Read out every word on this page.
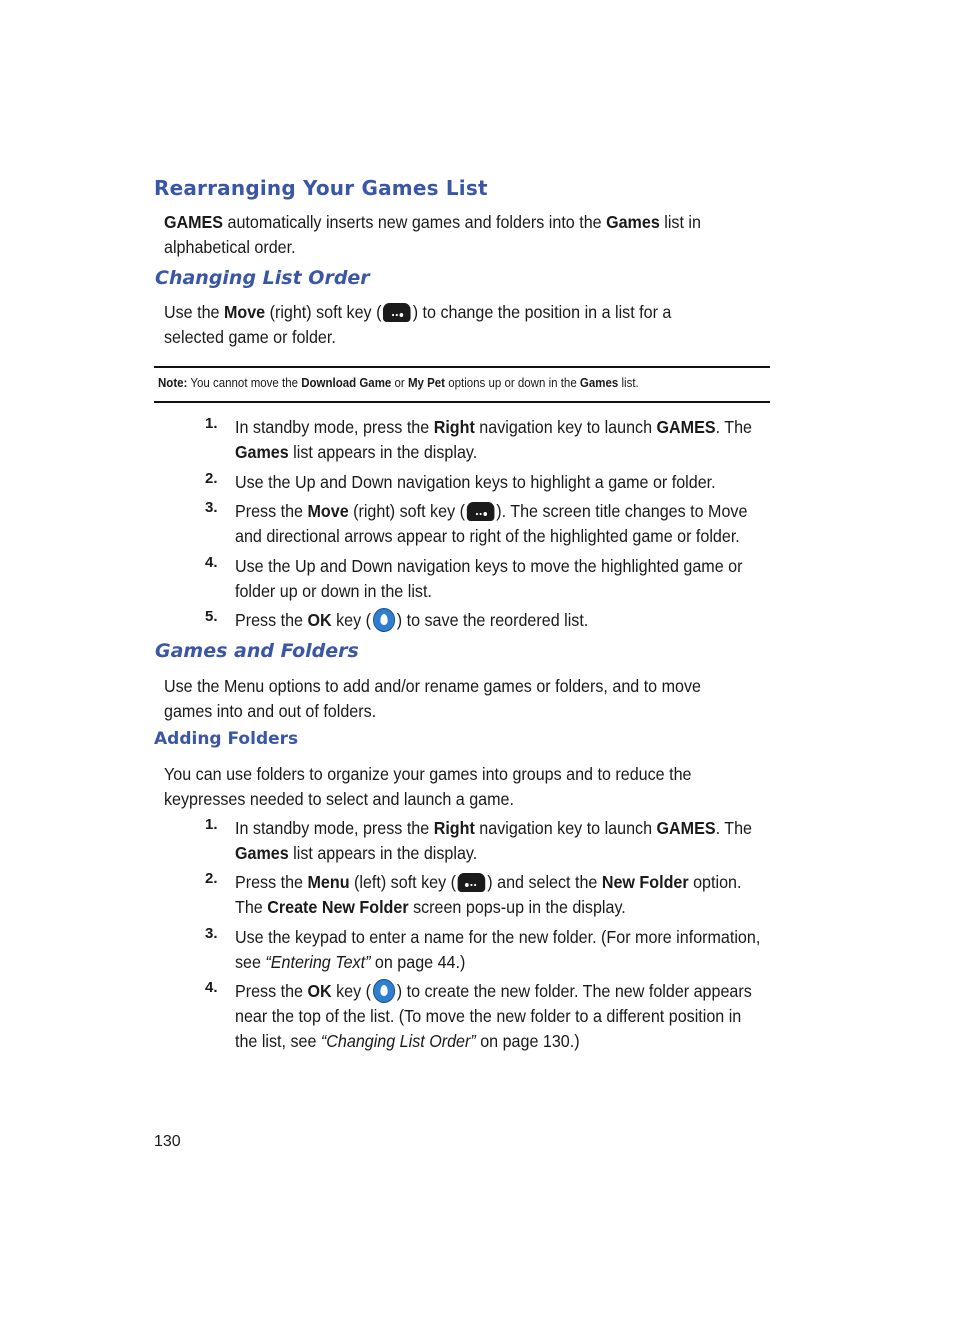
Rearranging Your Games List
GAMES automatically inserts new games and folders into the Games list in alphabetical order.
Changing List Order
Use the Move (right) soft key ( ) to change the position in a list for a selected game or folder.
Note: You cannot move the Download Game or My Pet options up or down in the Games list.
1. In standby mode, press the Right navigation key to launch GAMES. The Games list appears in the display.
2. Use the Up and Down navigation keys to highlight a game or folder.
3. Press the Move (right) soft key ( ). The screen title changes to Move and directional arrows appear to right of the highlighted game or folder.
4. Use the Up and Down navigation keys to move the highlighted game or folder up or down in the list.
5. Press the OK key ( ) to save the reordered list.
Games and Folders
Use the Menu options to add and/or rename games or folders, and to move games into and out of folders.
Adding Folders
You can use folders to organize your games into groups and to reduce the keypresses needed to select and launch a game.
1. In standby mode, press the Right navigation key to launch GAMES. The Games list appears in the display.
2. Press the Menu (left) soft key ( ) and select the New Folder option. The Create New Folder screen pops-up in the display.
3. Use the keypad to enter a name for the new folder. (For more information, see “Entering Text” on page 44.)
4. Press the OK key ( ) to create the new folder. The new folder appears near the top of the list. (To move the new folder to a different position in the list, see “Changing List Order” on page 130.)
130
